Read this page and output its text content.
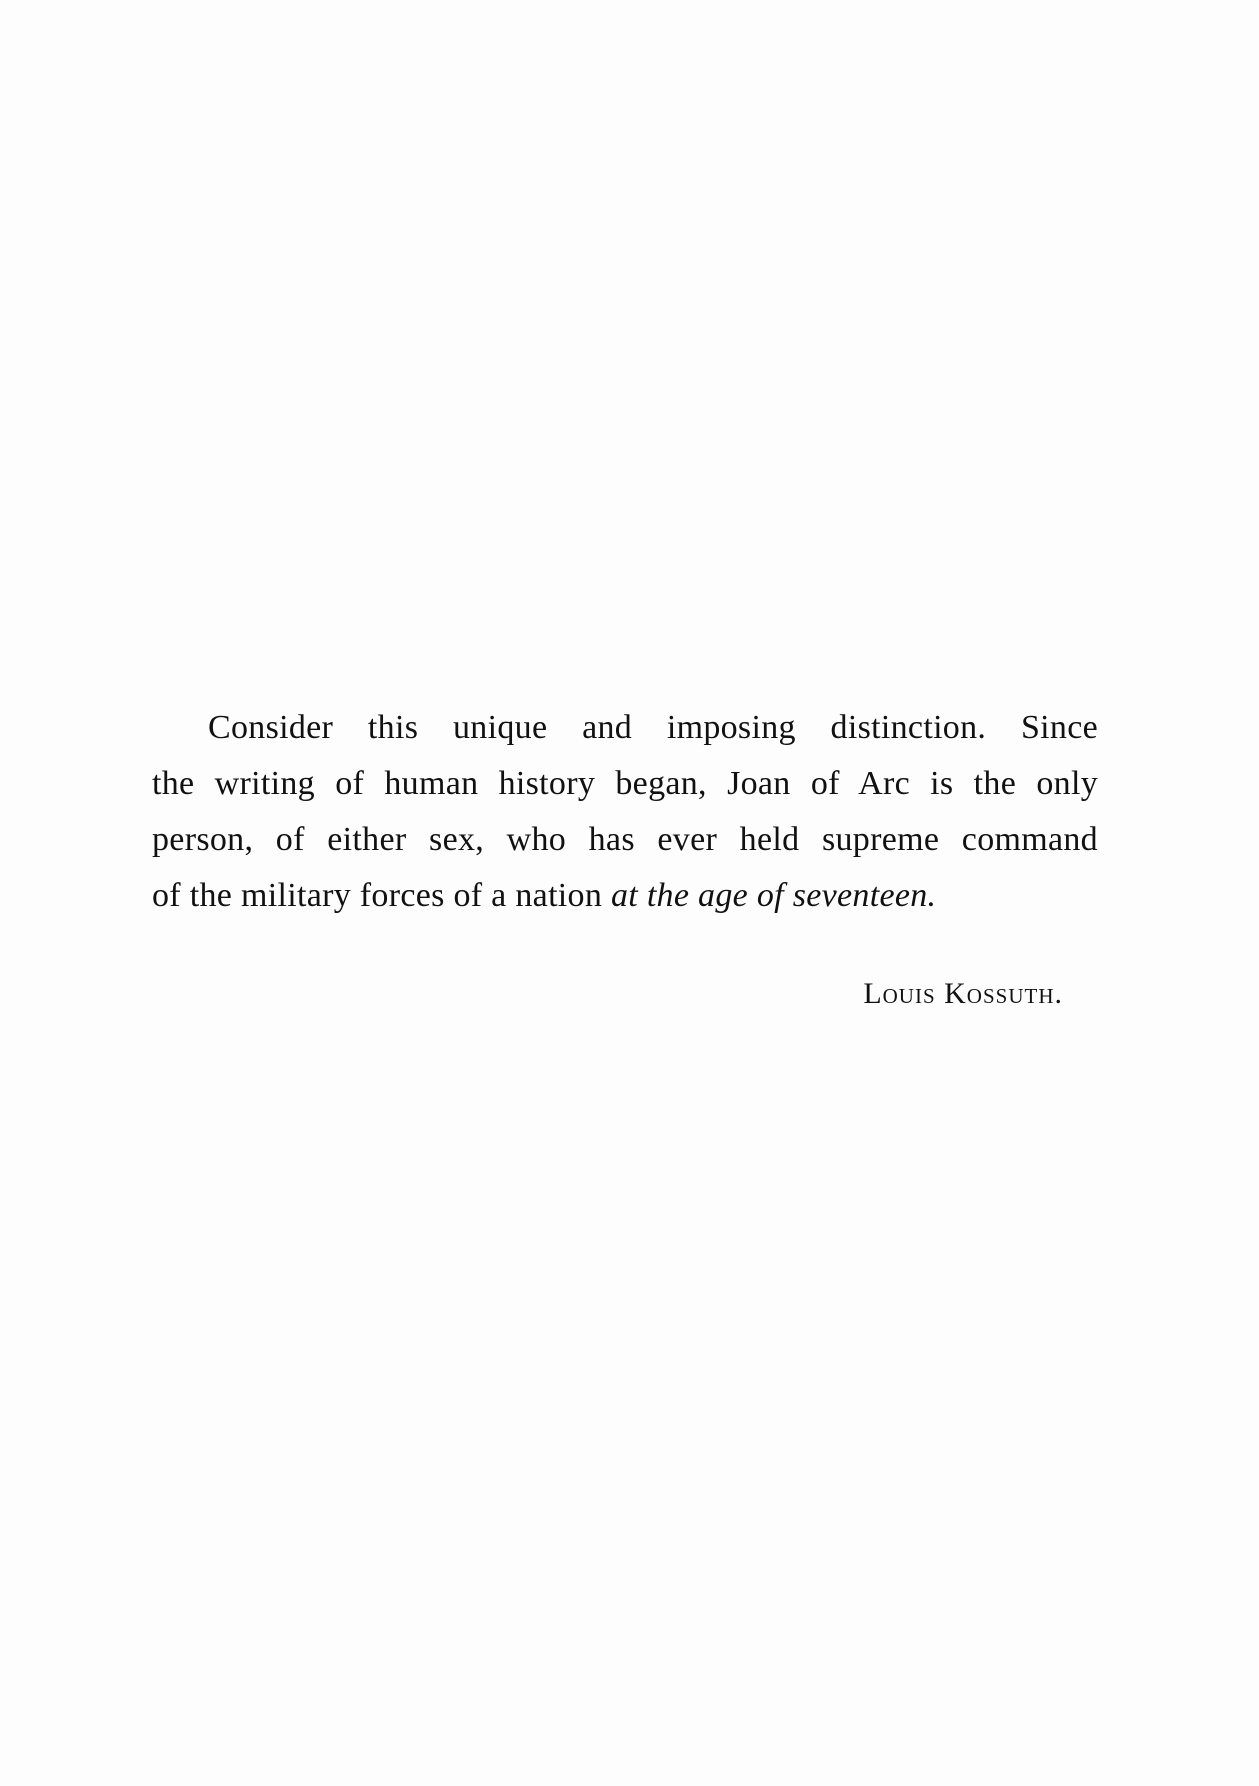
Consider this unique and imposing distinction. Since
the writing of human history began, Joan of Arc is the only
person, of either sex, who has ever held supreme command
of the military forces of a nation at the age of seventeen.
Louis Kossuth.
